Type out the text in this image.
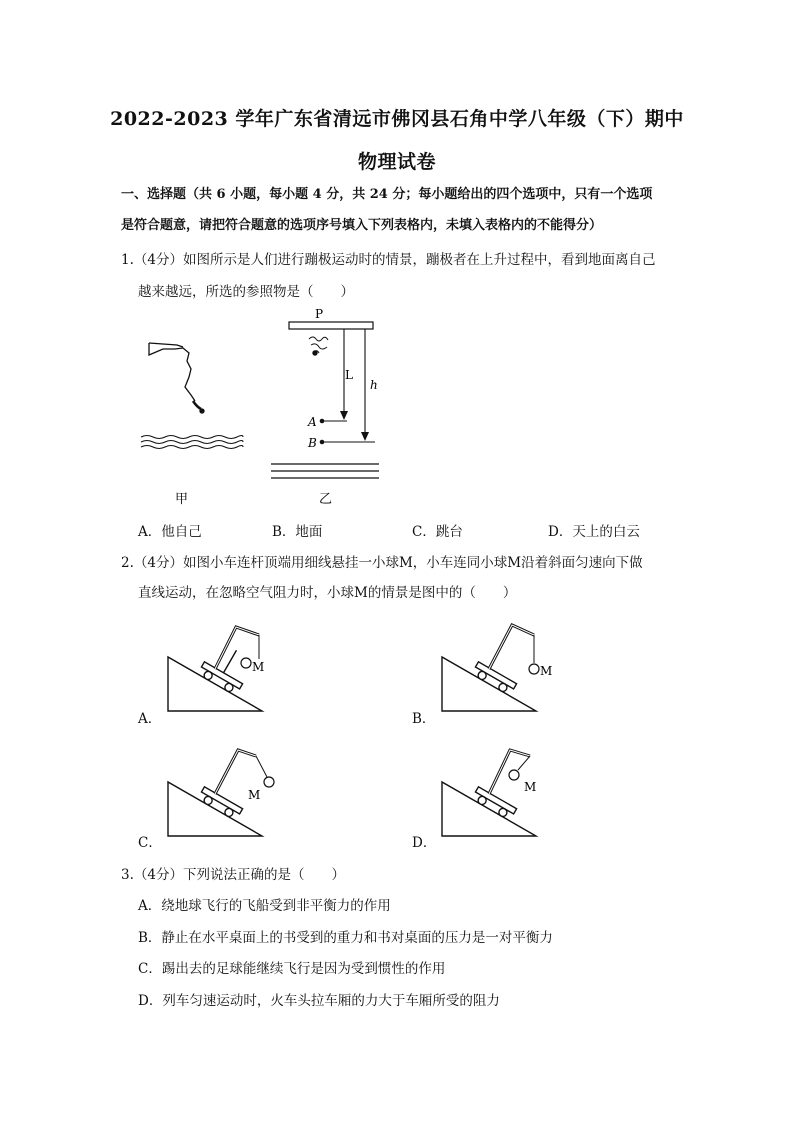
2022-2023 学年广东省清远市佛冈县石角中学八年级（下）期中
物理试卷
一、选择题（共 6 小题，每小题 4 分，共 24 分；每小题给出的四个选项中，只有一个选项
是符合题意，请把符合题意的选项序号填入下列表格内，未填入表格内的不能得分）
1.（4分）如图所示是人们进行蹦极运动时的情景，蹦极者在上升过程中，看到地面离自己
越来越远，所选的参照物是（　　）
甲
P
L
h
A
B
乙
A．他自己	B．地面	C．跳台	D．天上的白云
2.（4分）如图小车连杆顶端用细线悬挂一小球M，小车连同小球M沿着斜面匀速向下做
直线运动，在忽略空气阻力时，小球M的情景是图中的（　　）
M
A．
M
B．
M
C．
M
D．
3.（4分）下列说法正确的是（　　）
A．绕地球飞行的飞船受到非平衡力的作用
B．静止在水平桌面上的书受到的重力和书对桌面的压力是一对平衡力
C．踢出去的足球能继续飞行是因为受到惯性的作用
D．列车匀速运动时，火车头拉车厢的力大于车厢所受的阻力
